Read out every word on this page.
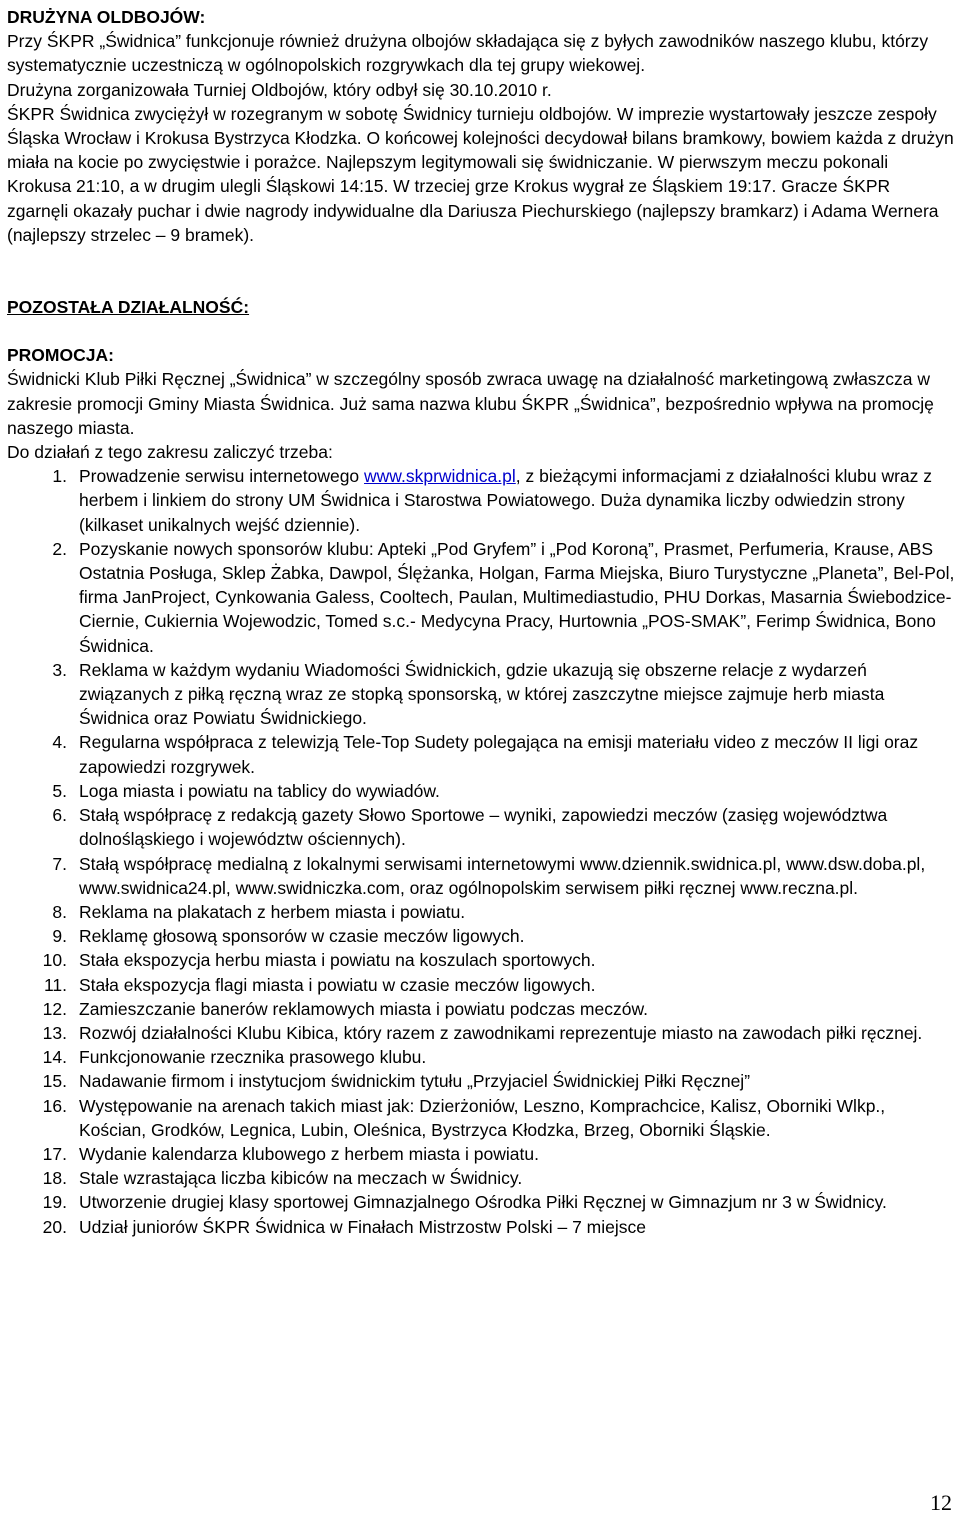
DRUŻYNA OLDBOJÓW:

Przy ŚKPR „Świdnica” funkcjonuje również drużyna olbojów składająca się z byłych zawodników naszego klubu, którzy systematycznie uczestniczą w ogólnopolskich rozgrywkach dla tej grupy wiekowej.

Drużyna zorganizowała Turniej Oldbojów, który odbył się 30.10.2010 r.

ŚKPR Świdnica zwyciężył w rozegranym w sobotę Świdnicy turnieju oldbojów. W imprezie wystartowały jeszcze zespoły Śląska Wrocław i Krokusa Bystrzyca Kłodzka. O końcowej kolejności decydował bilans bramkowy, bowiem każda z drużyn miała na kocie po zwycięstwie i porażce. Najlepszym legitymowali się świdniczanie. W pierwszym meczu pokonali Krokusa 21:10, a w drugim ulegli Śląskowi 14:15. W trzeciej grze Krokus wygrał ze Śląskiem 19:17. Gracze ŚKPR zgarnęli okazały puchar i dwie nagrody indywidualne dla Dariusza Piechurskiego (najlepszy bramkarz) i Adama Wernera (najlepszy strzelec – 9 bramek).

POZOSTAŁA DZIAŁALNOŚĆ:

PROMOCJA:

Świdnicki Klub Piłki Ręcznej „Świdnica” w szczególny sposób zwraca uwagę na działalność marketingową zwłaszcza w zakresie promocji Gminy Miasta Świdnica. Już sama nazwa klubu ŚKPR „Świdnica”, bezpośrednio wpływa na promocję naszego miasta.

Do działań z tego zakresu zaliczyć trzeba:

1. Prowadzenie serwisu internetowego www.skprwidnica.pl, z bieżącymi informacjami z działalności klubu wraz z herbem i linkiem do strony UM Świdnica i Starostwa Powiatowego. Duża dynamika liczby odwiedzin strony (kilkaset unikalnych wejść dziennie).
2. Pozyskanie nowych sponsorów klubu: Apteki „Pod Gryfem” i „Pod Koroną”, Prasmet, Perfumeria, Krause, ABS Ostatnia Posługa, Sklep Żabka, Dawpol, Ślężanka, Holgan, Farma Miejska, Biuro Turystyczne „Planeta”, Bel-Pol, firma JanProject, Cynkowania Galess, Cooltech, Paulan, Multimediastudio, PHU Dorkas, Masarnia Świebodzice-Ciernie, Cukiernia Wojewodzic, Tomed s.c.- Medycyna Pracy, Hurtownia „POS-SMAK”, Ferimp Świdnica, Bono Świdnica.
3. Reklama w każdym wydaniu Wiadomości Świdnickich, gdzie ukazują się obszerne relacje z wydarzeń związanych z piłką ręczną wraz ze stopką sponsorską, w której zaszczytne miejsce zajmuje herb miasta Świdnica oraz Powiatu Świdnickiego.
4. Regularna współpraca z telewizją Tele-Top Sudety polegająca na emisji materiału video z meczów II ligi oraz zapowiedzi rozgrywek.
5. Loga miasta i powiatu na tablicy do wywiadów.
6. Stałą współpracę z redakcją gazety Słowo Sportowe – wyniki, zapowiedzi meczów (zasięg województwa dolnośląskiego i województw ościennych).
7. Stałą współpracę medialną z lokalnymi serwisami internetowymi www.dziennik.swidnica.pl, www.dsw.doba.pl, www.swidnica24.pl, www.swidniczka.com, oraz ogólnopolskim serwisem piłki ręcznej www.reczna.pl.
8. Reklama na plakatach z herbem miasta i powiatu.
9. Reklamę głosową sponsorów w czasie meczów ligowych.
10. Stała ekspozycja herbu miasta i powiatu na koszulach sportowych.
11. Stała ekspozycja flagi miasta i powiatu w czasie meczów ligowych.
12. Zamieszczanie banerów reklamowych miasta i powiatu podczas meczów.
13. Rozwój działalności Klubu Kibica, który razem z zawodnikami reprezentuje miasto na zawodach piłki ręcznej.
14. Funkcjonowanie rzecznika prasowego klubu.
15. Nadawanie firmom i instytucjom świdnickim tytułu „Przyjaciel Świdnickiej Piłki Ręcznej”
16. Występowanie na arenach takich miast jak: Dzierżoniów, Leszno, Komprachcice, Kalisz, Oborniki Wlkp., Kościan, Grodków, Legnica, Lubin, Oleśnica, Bystrzyca Kłodzka, Brzeg, Oborniki Śląskie.
17. Wydanie kalendarza klubowego z herbem miasta i powiatu.
18. Stale wzrastająca liczba kibiców na meczach w Świdnicy.
19. Utworzenie drugiej klasy sportowej Gimnazjalnego Ośrodka Piłki Ręcznej w Gimnazjum nr 3 w Świdnicy.
20. Udział juniorów ŚKPR Świdnica w Finałach Mistrzostw Polski – 7 miejsce
12
